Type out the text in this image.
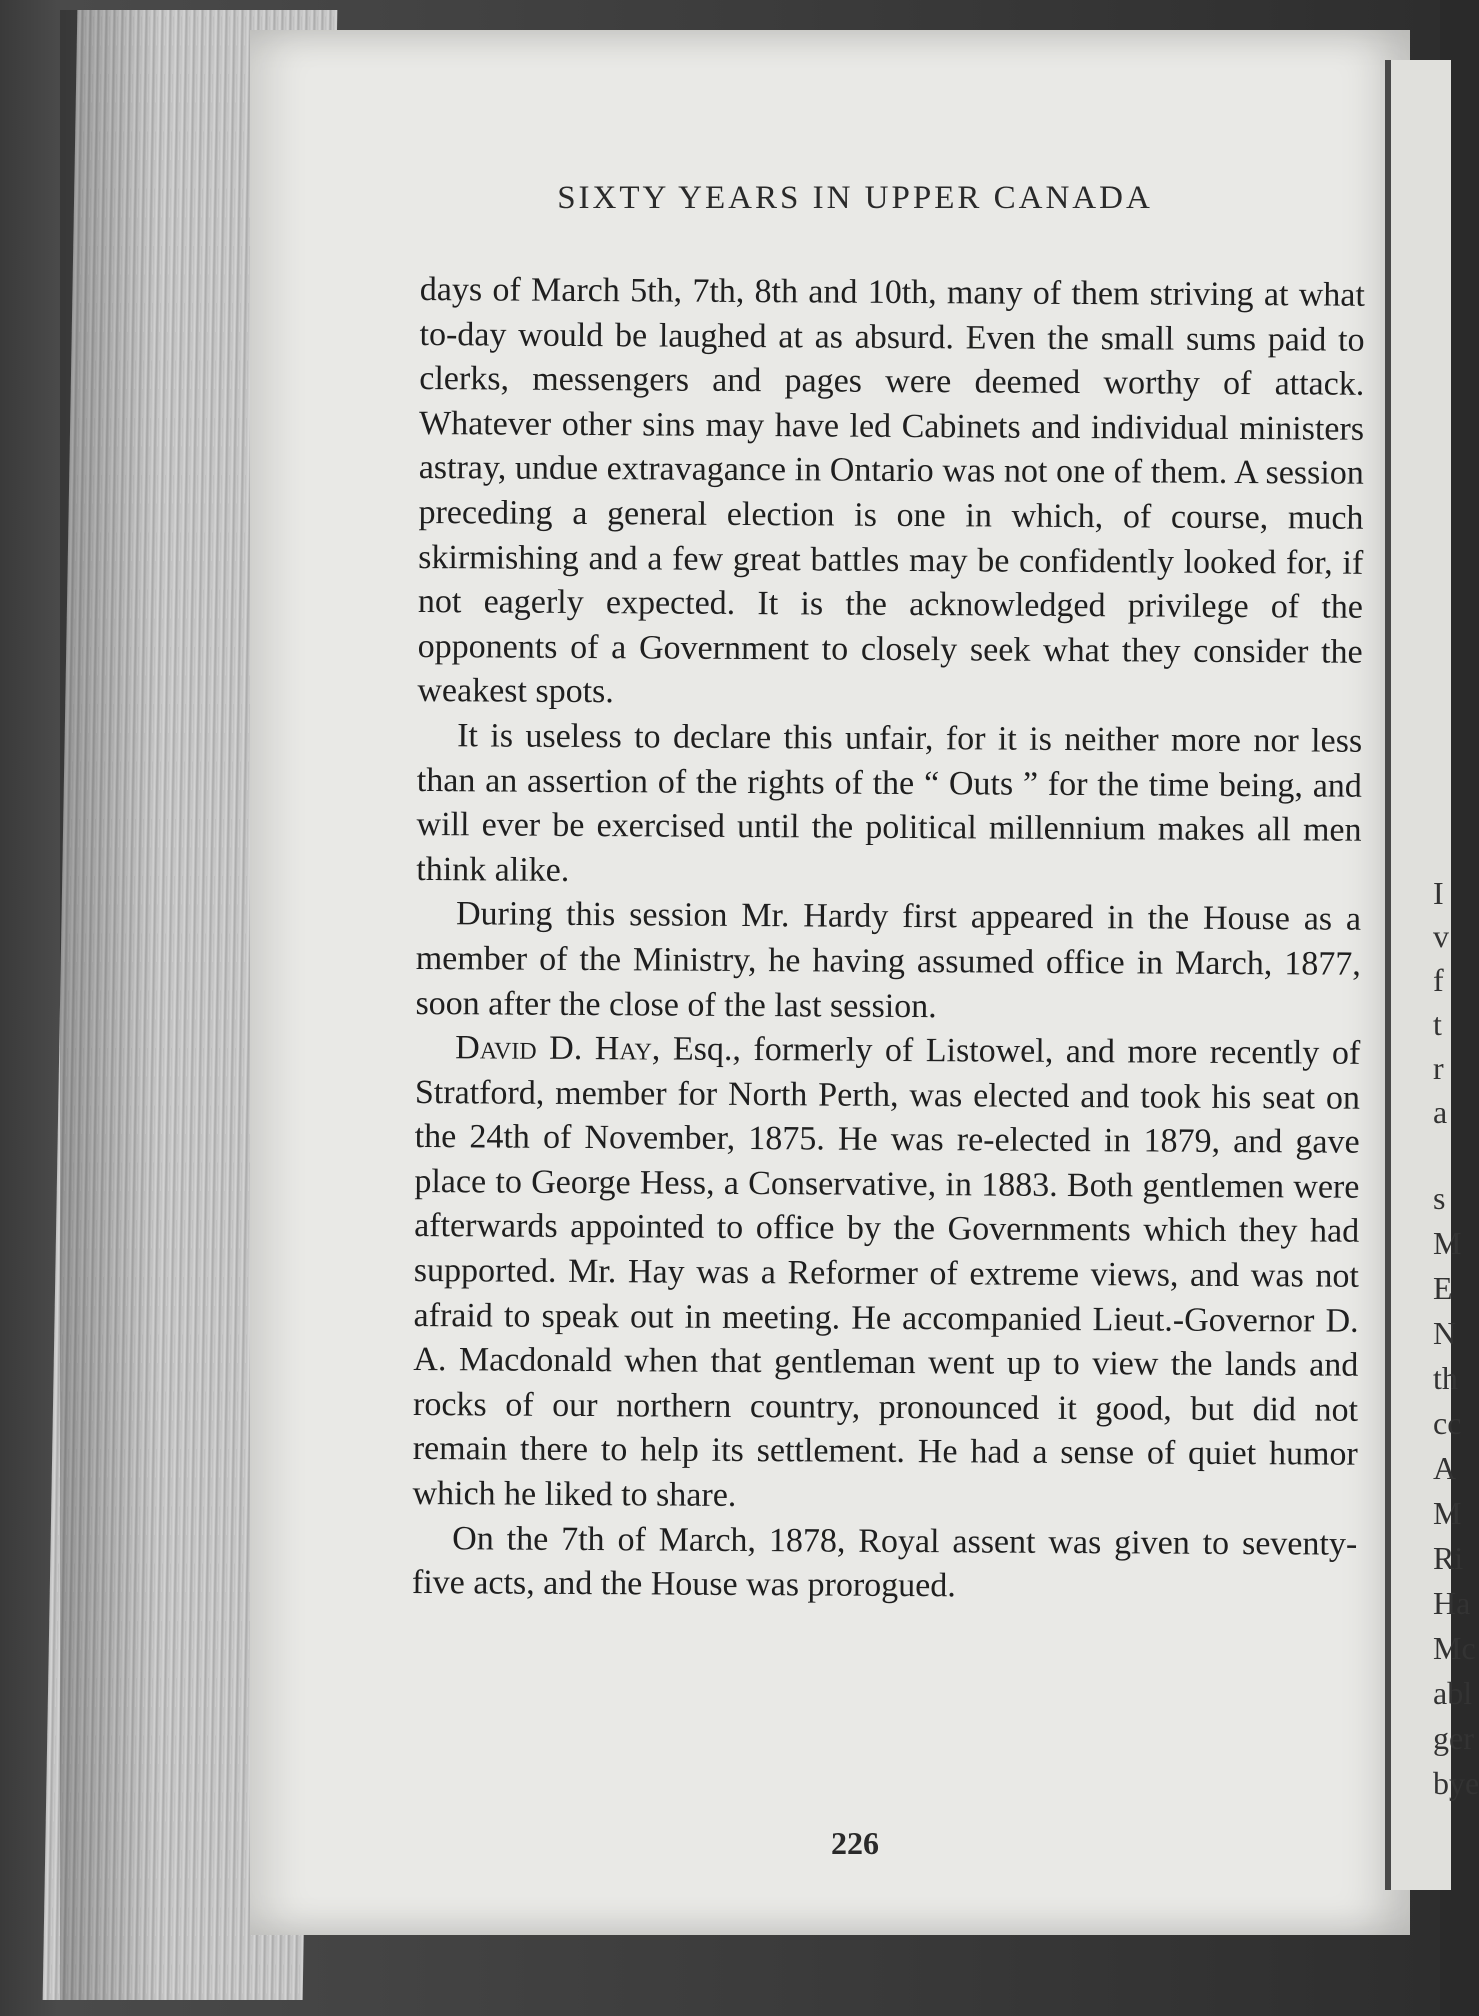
SIXTY YEARS IN UPPER CANADA

days of March 5th, 7th, 8th and 10th, many of them striving at what to-day would be laughed at as absurd. Even the small sums paid to clerks, messengers and pages were deemed worthy of attack. Whatever other sins may have led Cabinets and individual ministers astray, undue extravagance in Ontario was not one of them. A session preceding a general election is one in which, of course, much skirmishing and a few great battles may be confidently looked for, if not eagerly expected. It is the acknowledged privilege of the opponents of a Government to closely seek what they consider the weakest spots.

It is useless to declare this unfair, for it is neither more nor less than an assertion of the rights of the “ Outs ” for the time being, and will ever be exercised until the political millennium makes all men think alike.

During this session Mr. Hardy first appeared in the House as a member of the Ministry, he having assumed office in March, 1877, soon after the close of the last session.

David D. Hay, Esq., formerly of Listowel, and more recently of Stratford, member for North Perth, was elected and took his seat on the 24th of November, 1875. He was re-elected in 1879, and gave place to George Hess, a Conservative, in 1883. Both gentlemen were afterwards appointed to office by the Governments which they had supported. Mr. Hay was a Reformer of extreme views, and was not afraid to speak out in meeting. He accompanied Lieut.-Governor D. A. Macdonald when that gentleman went up to view the lands and rocks of our northern country, pronounced it good, but did not remain there to help its settlement. He had a sense of quiet humor which he liked to share.

On the 7th of March, 1878, Royal assent was given to seventy-five acts, and the House was prorogued.

226
I
v
f
t
r
a
s
M
E
N
th
cc
A
M
Ri
Ha
Mc
abl
ger
bye
